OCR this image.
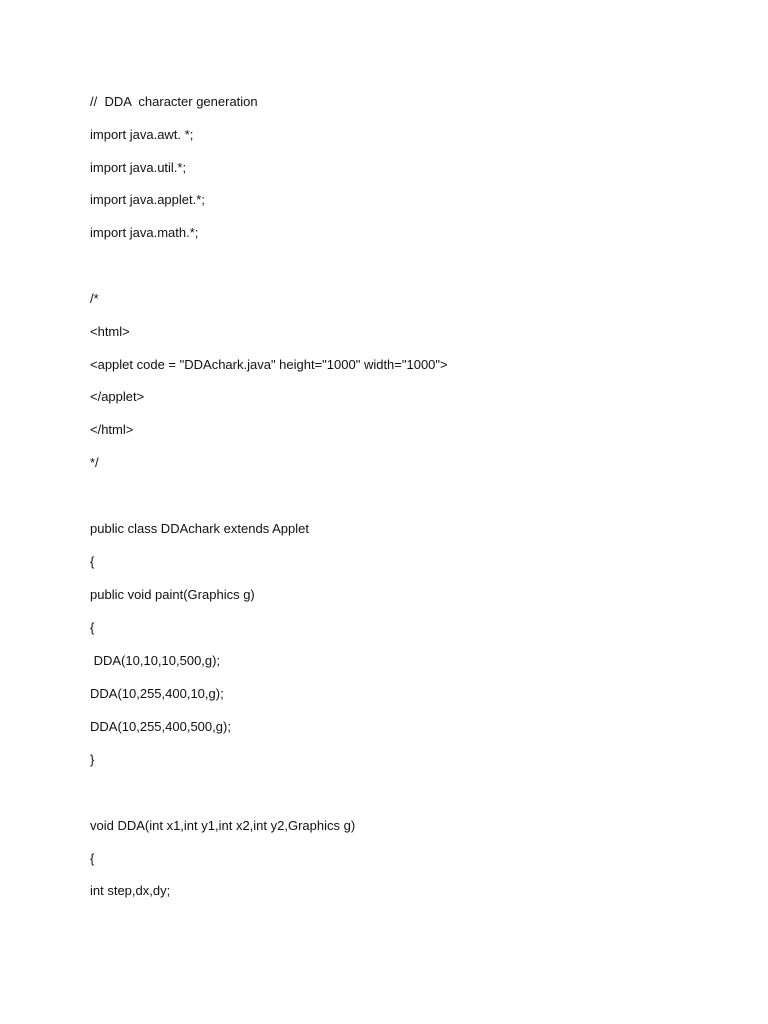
//  DDA  character generation
import java.awt. *;
import java.util.*;
import java.applet.*;
import java.math.*;
/*
<html>
<applet code = "DDAchark.java" height="1000" width="1000">
</applet>
</html>
*/
public class DDAchark extends Applet
{
public void paint(Graphics g)
{
DDA(10,10,10,500,g);
DDA(10,255,400,10,g);
DDA(10,255,400,500,g);
}
void DDA(int x1,int y1,int x2,int y2,Graphics g)
{
int step,dx,dy;
